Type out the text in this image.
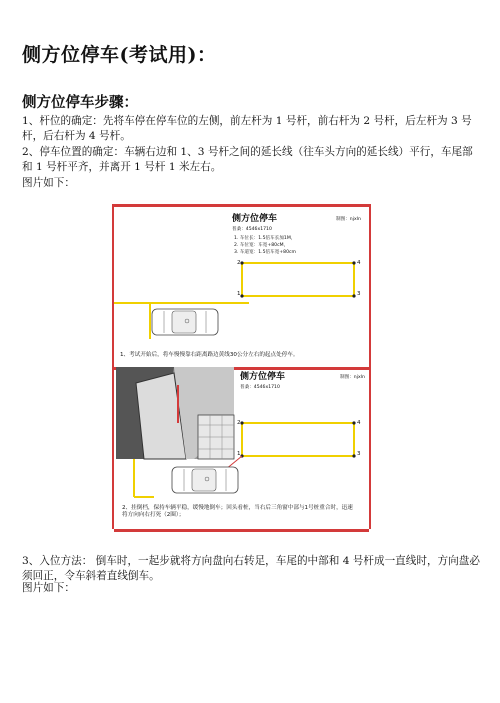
侧方位停车(考试用)：
侧方位停车步骤：

1、杆位的确定：先将车停在停车位的左侧，前左杆为 1 号杆，前右杆为 2 号杆，后左杆为 3 号杆，后右杆为 4 号杆。

2、停车位置的确定：车辆右边和 1、3 号杆之间的延长线（往车头方向的延长线）平行，车尾部和 1 号杆平齐，并离开 1 号杆 1 米左右。

图片如下：

侧方位停车	制图：njxln
普桑：4546x1710
1. 车位长：1.5倍车长加1M，
2. 车位宽：车宽+80cM，
3. 车道宽：1.5倍车宽+80cm
2	4
1	3
1、考试开始后，将车慢慢靠右距离路边黄线30公分左右的起点处停车。
侧方位停车	制图：njxln
普桑：4546x1710
2	4
1	3
2、挂倒档，保持车辆平稳，缓慢地倒车；回头看桩，当右后三角窗中部与1号桩重合时，迅速将方向向右打死（2圈）；

3、入位方法： 倒车时，一起步就将方向盘向右转足，车尾的中部和 4 号杆成一直线时，方向盘必须回正，令车斜着直线倒车。

图片如下：
